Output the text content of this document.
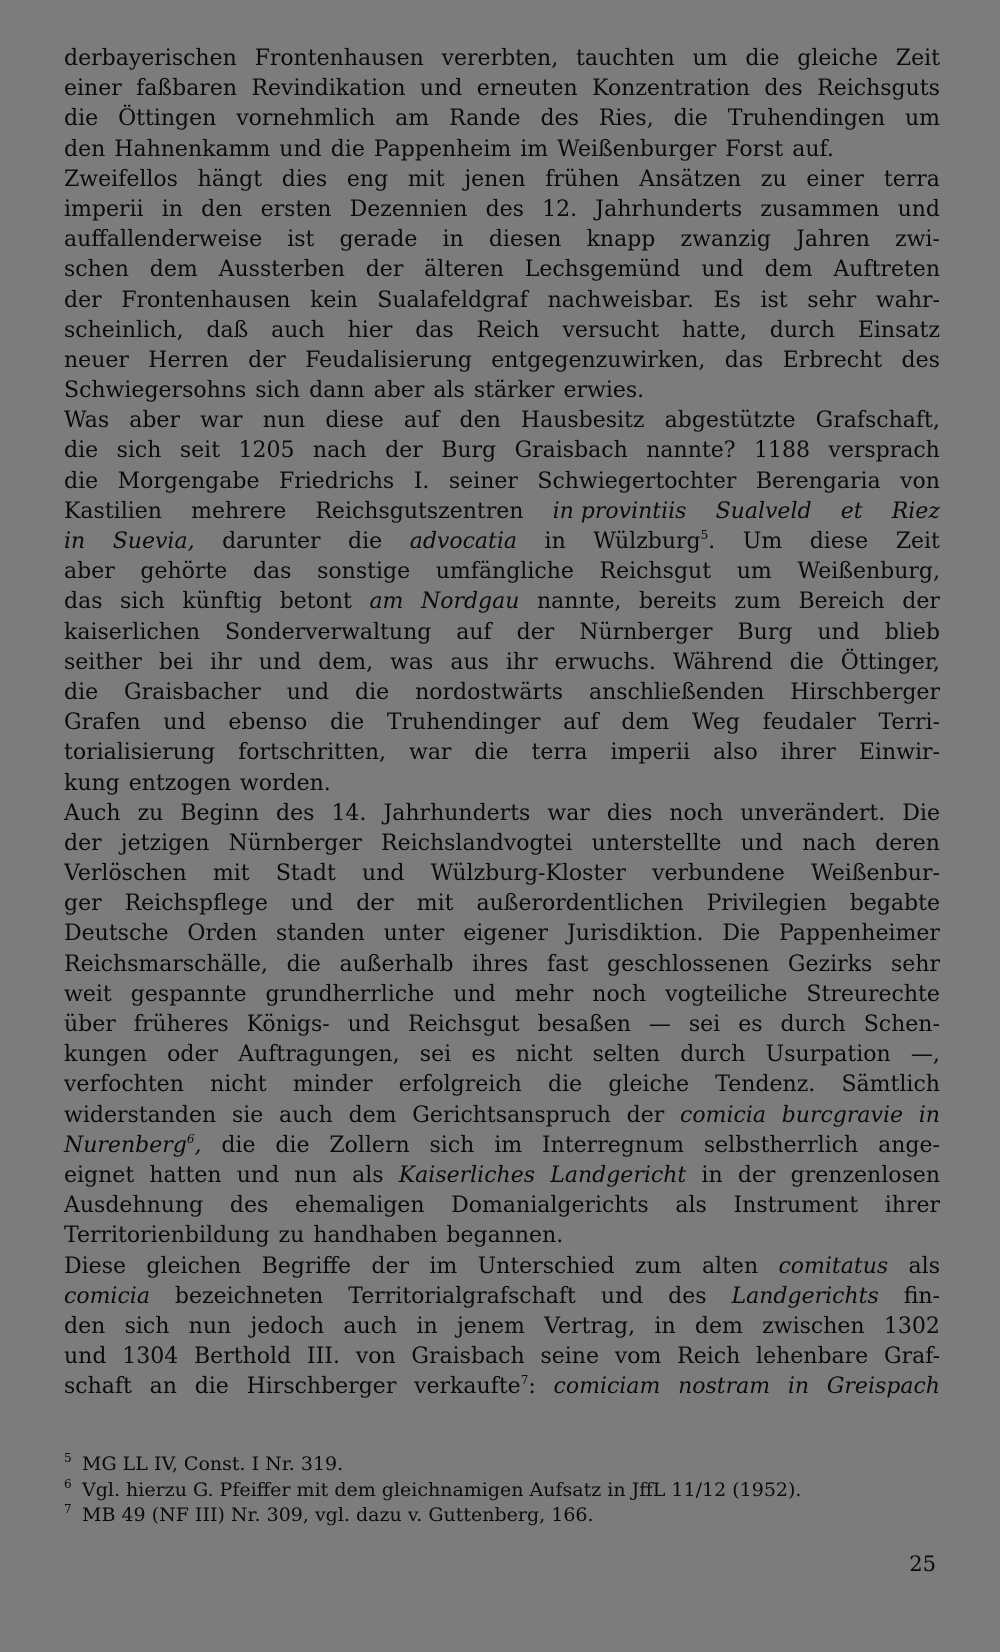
derbayerischen Frontenhausen vererbten, tauchten um die gleiche Zeit
einer faßbaren Revindikation und erneuten Konzentration des Reichsguts
die Öttingen vornehmlich am Rande des Ries, die Truhendingen um
den Hahnenkamm und die Pappenheim im Weißenburger Forst auf.
Zweifellos hängt dies eng mit jenen frühen Ansätzen zu einer terra
imperii in den ersten Dezennien des 12. Jahrhunderts zusammen und
auffallenderweise ist gerade in diesen knapp zwanzig Jahren zwi-
schen dem Aussterben der älteren Lechsgemünd und dem Auftreten
der Frontenhausen kein Sualafeldgraf nachweisbar. Es ist sehr wahr-
scheinlich, daß auch hier das Reich versucht hatte, durch Einsatz
neuer Herren der Feudalisierung entgegenzuwirken, das Erbrecht des
Schwiegersohns sich dann aber als stärker erwies.
Was aber war nun diese auf den Hausbesitz abgestützte Grafschaft,
die sich seit 1205 nach der Burg Graisbach nannte? 1188 versprach
die Morgengabe Friedrichs I. seiner Schwiegertochter Berengaria von
Kastilien mehrere Reichsgutszentren in provintiis Sualveld et Riez
in Suevia, darunter die advocatia in Wülzburg$^5$. Um diese Zeit
aber gehörte das sonstige umfängliche Reichsgut um Weißenburg,
das sich künftig betont am Nordgau nannte, bereits zum Bereich der
kaiserlichen Sonderverwaltung auf der Nürnberger Burg und blieb
seither bei ihr und dem, was aus ihr erwuchs. Während die Öttinger,
die Graisbacher und die nordostwärts anschließenden Hirschberger
Grafen und ebenso die Truhendinger auf dem Weg feudaler Terri-
torialisierung fortschritten, war die terra imperii also ihrer Einwir-
kung entzogen worden.
Auch zu Beginn des 14. Jahrhunderts war dies noch unverändert. Die
der jetzigen Nürnberger Reichslandvogtei unterstellte und nach deren
Verlöschen mit Stadt und Wülzburg-Kloster verbundene Weißenbur-
ger Reichspflege und der mit außerordentlichen Privilegien begabte
Deutsche Orden standen unter eigener Jurisdiktion. Die Pappenheimer
Reichsmarschälle, die außerhalb ihres fast geschlossenen Gezirks sehr
weit gespannte grundherrliche und mehr noch vogteiliche Streurechte
über früheres Königs- und Reichsgut besaßen — sei es durch Schen-
kungen oder Auftragungen, sei es nicht selten durch Usurpation —,
verfochten nicht minder erfolgreich die gleiche Tendenz. Sämtlich
widerstanden sie auch dem Gerichtsanspruch der comicia burcgravie in
Nurenberg$^6$, die die Zollern sich im Interregnum selbstherrlich ange-
eignet hatten und nun als Kaiserliches Landgericht in der grenzenlosen
Ausdehnung des ehemaligen Domanialgerichts als Instrument ihrer
Territorienbildung zu handhaben begannen.
Diese gleichen Begriffe der im Unterschied zum alten comitatus als
comicia bezeichneten Territorialgrafschaft und des Landgerichts fin-
den sich nun jedoch auch in jenem Vertrag, in dem zwischen 1302
und 1304 Berthold III. von Graisbach seine vom Reich lehenbare Graf-
schaft an die Hirschberger verkaufte$^7$: comiciam nostram in Greispach
5 MG LL IV, Const. I Nr. 319.
6 Vgl. hierzu G. Pfeiffer mit dem gleichnamigen Aufsatz in JffL 11/12 (1952).
7 MB 49 (NF III) Nr. 309, vgl. dazu v. Guttenberg, 166.
25
